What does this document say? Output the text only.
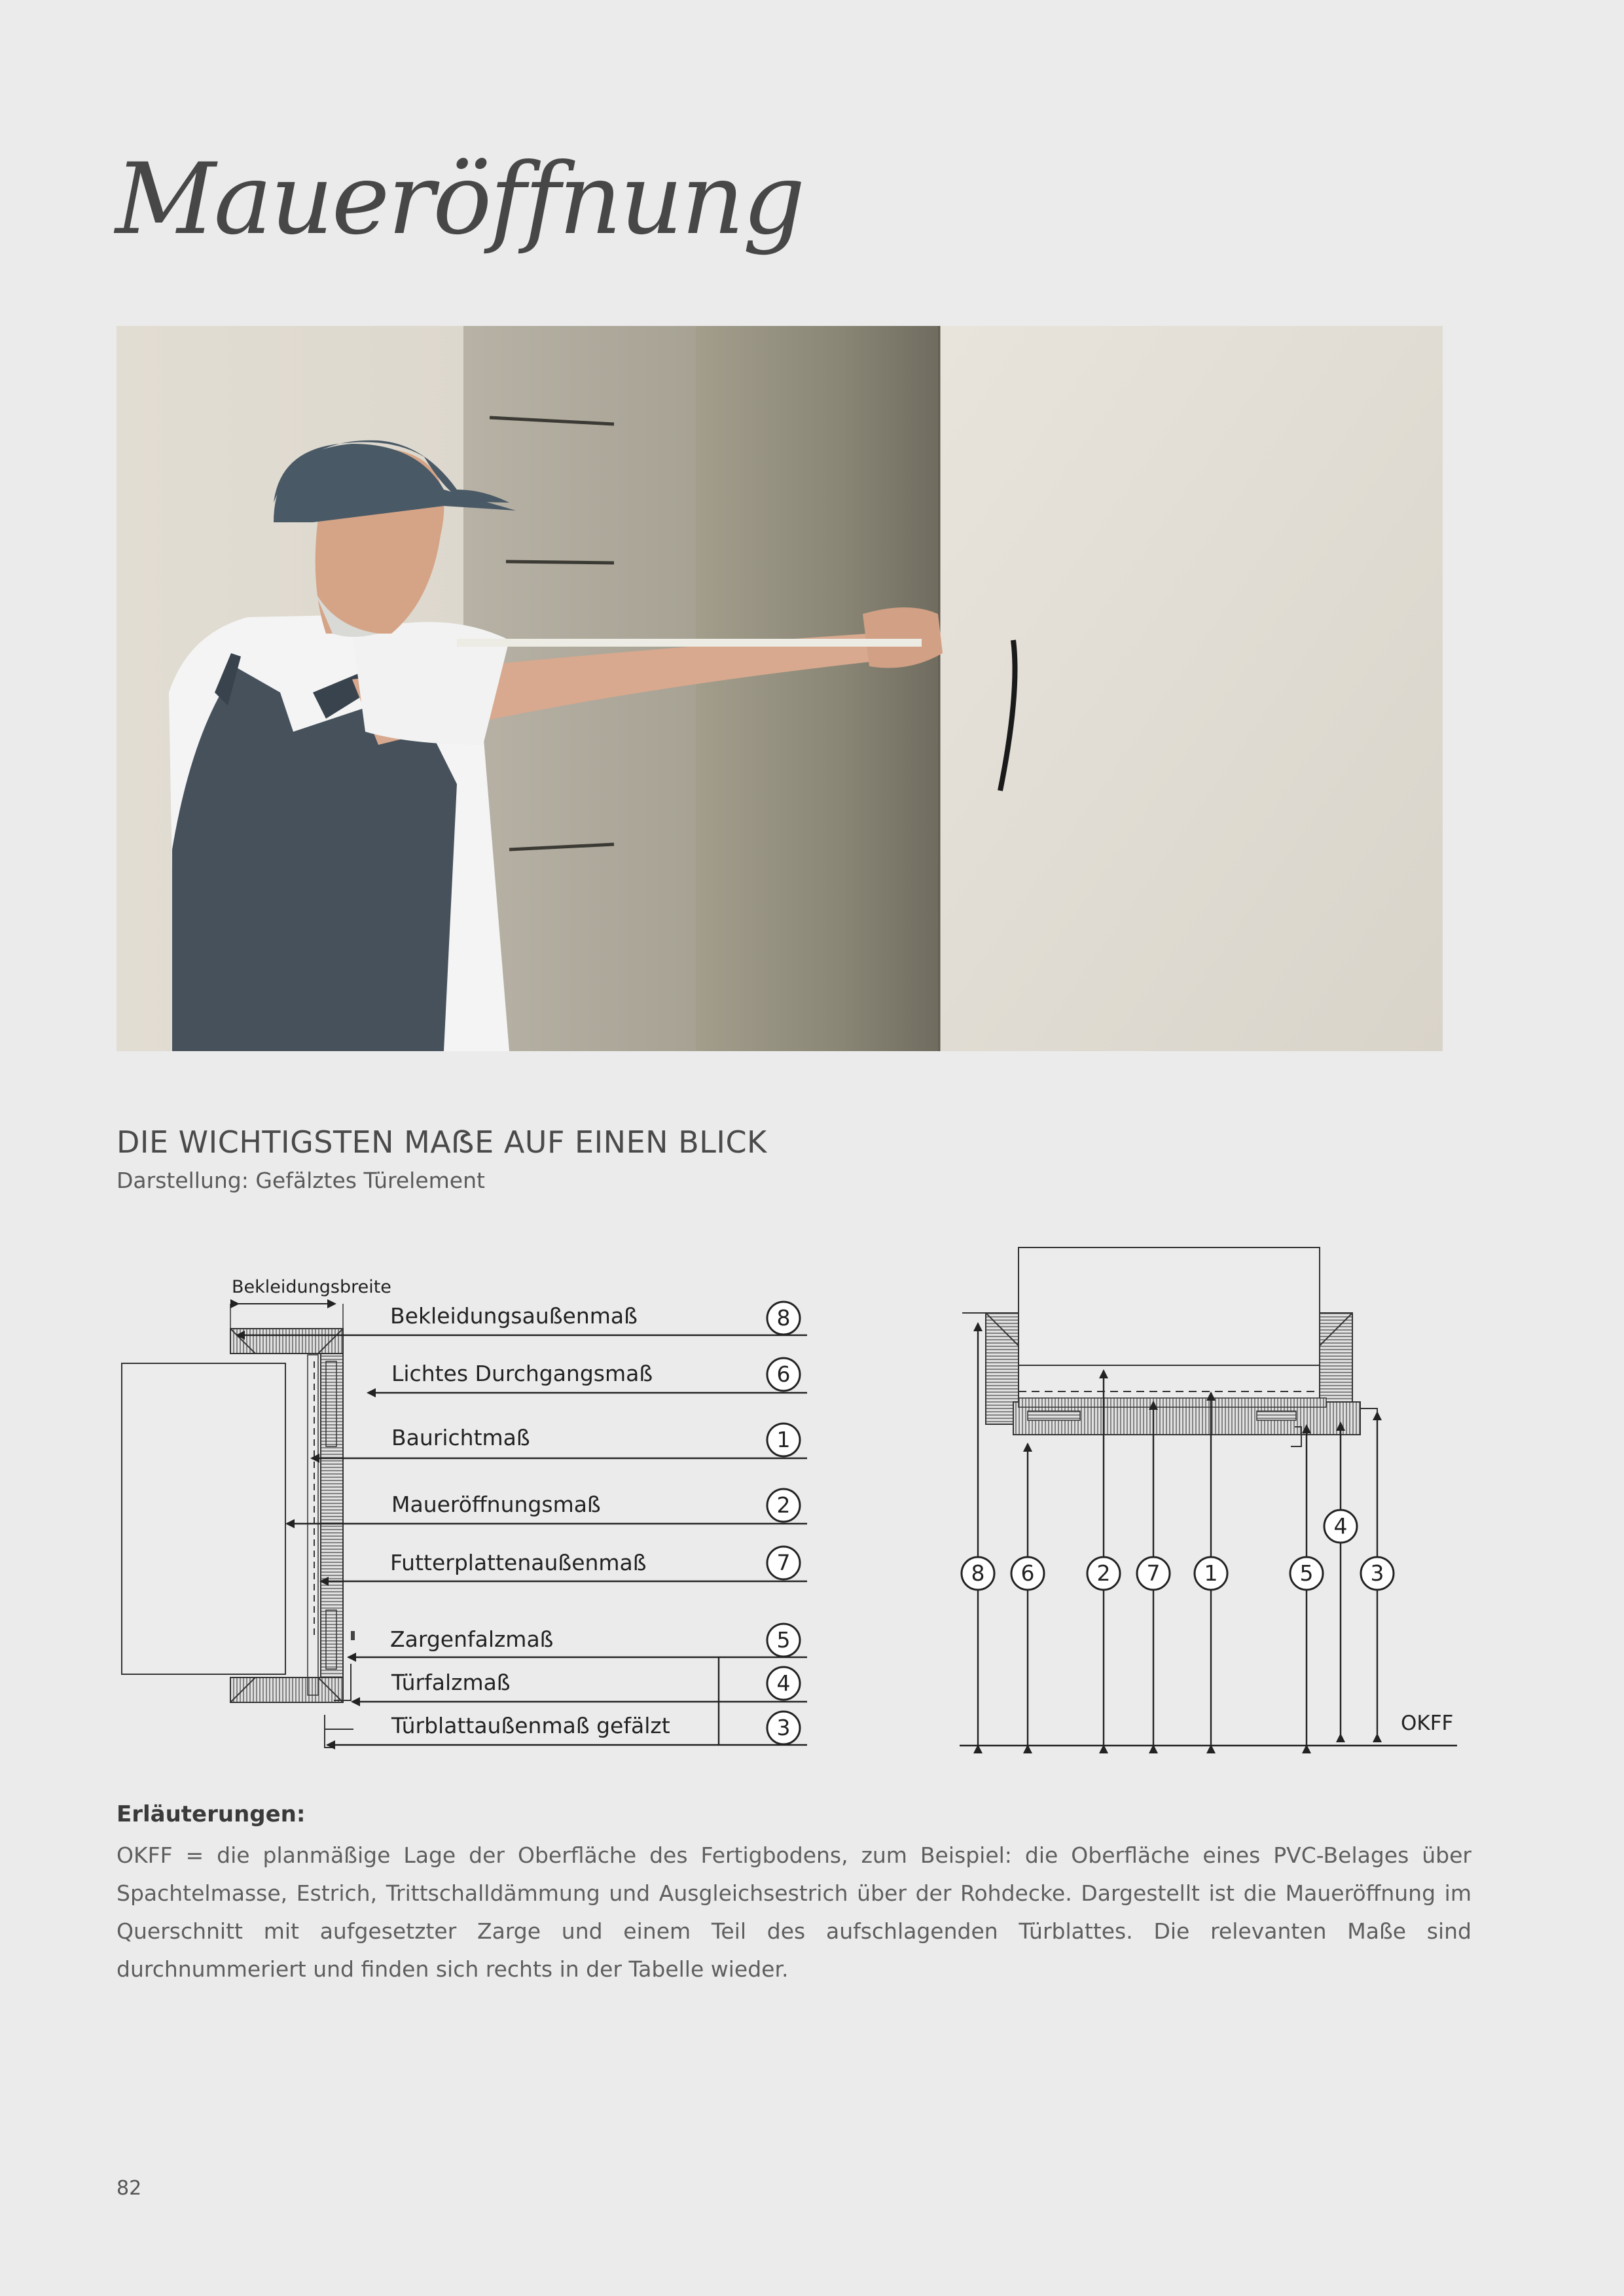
Maueröffnung
DIE WICHTIGSTEN MAẞE AUF EINEN BLICK

Darstellung: Gefälztes Türelement

Bekleidungsbreite
Bekleidungsaußenmaß	8
Lichtes Durchgangsmaß	6
Baurichtmaß	1
Maueröffnungsmaß	2
Futterplattenaußenmaß	7
Zargenfalzmaß	5
Türfalzmaß	4
Türblattaußenmaß gefälzt	3
8 6	2 7 1	5
4
3
OKFF

Erläuterungen:

OKFF = die planmäßige Lage der Oberfläche des Fertigbodens, zum Beispiel: die Oberfläche eines PVC-Belages über Spachtelmasse, Estrich, Trittschalldämmung und Ausgleichsestrich über der Rohdecke. Dargestellt ist die Maueröffnung im Querschnitt mit aufgesetzter Zarge und einem Teil des aufschlagenden Türblattes. Die relevanten Maße sind durchnummeriert und finden sich rechts in der Tabelle wieder.

82
